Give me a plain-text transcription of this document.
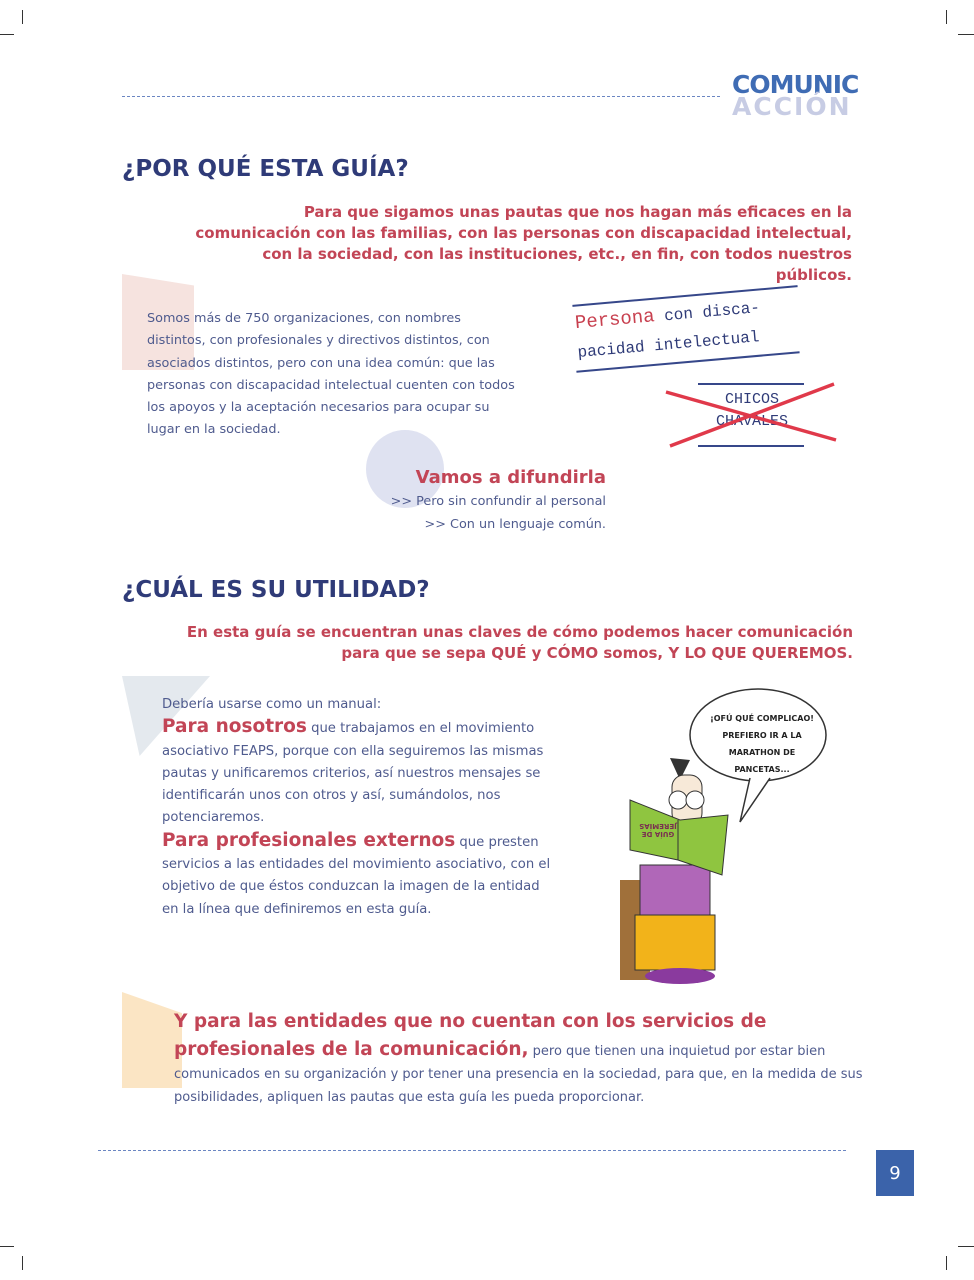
COMUNIC
ACCIÓN
¿POR QUÉ ESTA GUÍA?
Para que sigamos unas pautas que nos hagan más eficaces en la comunicación con las familias, con las personas con discapacidad intelectual, con la sociedad, con las instituciones, etc., en fin, con todos nuestros públicos.
Somos más de 750 organizaciones, con nombres distintos, con profesionales y directivos distintos, con asociados distintos, pero con una idea común: que las personas con discapacidad intelectual cuenten con todos los apoyos y la aceptación necesarios para ocupar su lugar en la sociedad.
Persona con disca-
pacidad intelectual
CHICOS
CHAVALES
Vamos a difundirla
>> Pero sin confundir al personal
>> Con un lenguaje común.
¿CUÁL ES SU UTILIDAD?
En esta guía se encuentran unas claves de cómo podemos hacer comunicación
para que se sepa QUÉ y CÓMO somos, Y LO QUE QUEREMOS.
Debería usarse como un manual:
Para nosotros que trabajamos en el movimiento asociativo FEAPS, porque con ella seguiremos las mismas pautas y unificaremos criterios, así nuestros mensajes se identificarán unos con otros y así, sumándolos, nos potenciaremos.
Para profesionales externos que presten servicios a las entidades del movimiento asociativo, con el objetivo de que éstos conduzcan la imagen de la entidad en la línea que definiremos en esta guía.
¡OFÚ QUÉ COMPLICAO! PREFIERO IR A LA MARATHON DE PANCETAS...
GUÍA DE JEREMÍAS
Y para las entidades que no cuentan con los servicios de profesionales de la comunicación, pero que tienen una inquietud por estar bien comunicados en su organización y por tener una presencia en la sociedad, para que, en la medida de sus posibilidades, apliquen las pautas que esta guía les pueda proporcionar.
9
